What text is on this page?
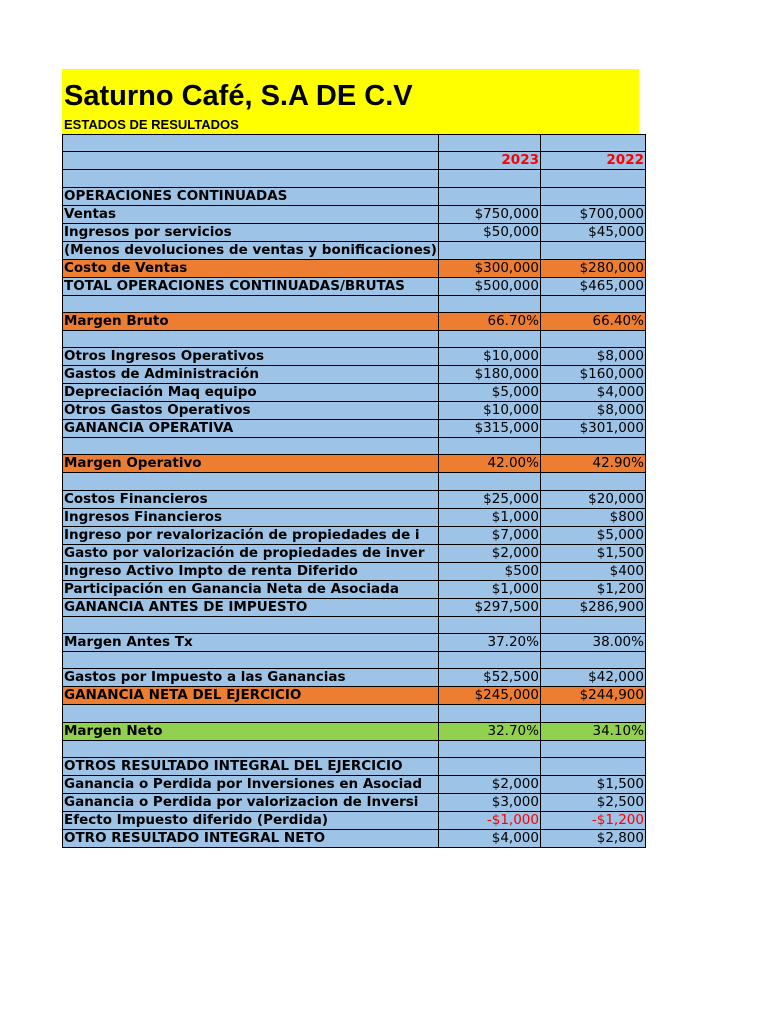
Saturno Café, S.A DE C.V
ESTADOS DE RESULTADOS

	2023	2022

OPERACIONES CONTINUADAS		
Ventas	$750,000	$700,000
Ingresos por servicios	$50,000	$45,000
(Menos devoluciones de ventas y bonificaciones)		
Costo de Ventas	$300,000	$280,000
TOTAL OPERACIONES CONTINUADAS/BRUTAS	$500,000	$465,000

Margen Bruto	66.70%	66.40%

Otros Ingresos Operativos	$10,000	$8,000
Gastos de Administración	$180,000	$160,000
Depreciación Maq equipo	$5,000	$4,000
Otros Gastos Operativos	$10,000	$8,000
GANANCIA OPERATIVA	$315,000	$301,000

Margen Operativo	42.00%	42.90%

Costos Financieros	$25,000	$20,000
Ingresos Financieros	$1,000	$800
Ingreso por revalorización de propiedades de i	$7,000	$5,000
Gasto por valorización de propiedades de inver	$2,000	$1,500
Ingreso Activo Impto de renta Diferido	$500	$400
Participación en Ganancia Neta de Asociada	$1,000	$1,200
GANANCIA ANTES DE IMPUESTO	$297,500	$286,900

Margen Antes Tx	37.20%	38.00%

Gastos por Impuesto a las Ganancias	$52,500	$42,000
GANANCIA NETA DEL EJERCICIO	$245,000	$244,900

Margen Neto	32.70%	34.10%

OTROS RESULTADO INTEGRAL DEL EJERCICIO		
Ganancia o Perdida por Inversiones en Asociad	$2,000	$1,500
Ganancia o Perdida por valorizacion de Inversi	$3,000	$2,500
Efecto Impuesto diferido (Perdida)	-$1,000	-$1,200
OTRO RESULTADO INTEGRAL NETO	$4,000	$2,800
